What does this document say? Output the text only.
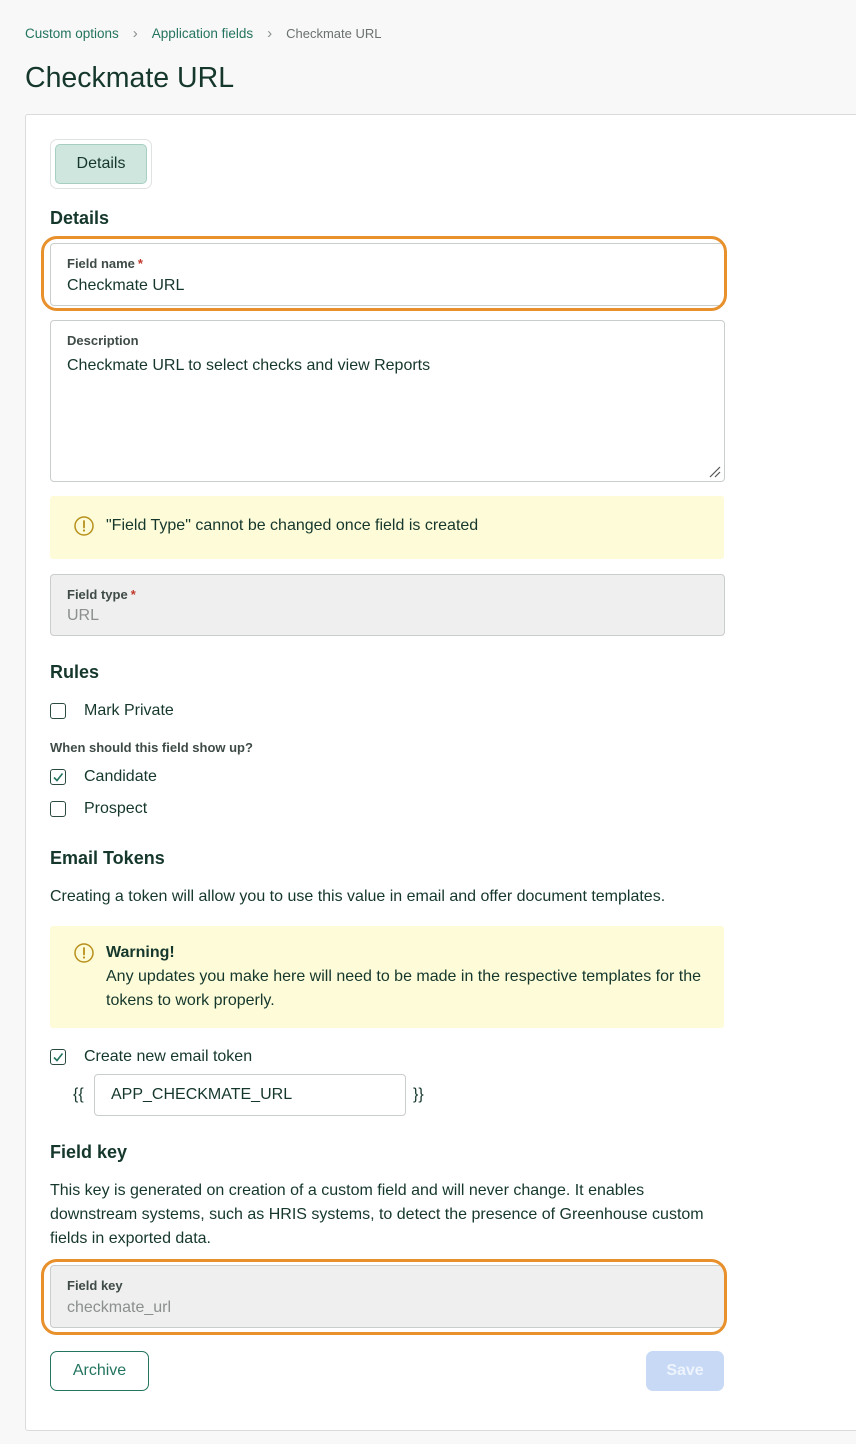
Custom options › Application fields › Checkmate URL
Checkmate URL
Details
Details
Field name *
Checkmate URL
Description
Checkmate URL to select checks and view Reports
"Field Type" cannot be changed once field is created
Field type *
URL
Rules
Mark Private
When should this field show up?
Candidate
Prospect
Email Tokens
Creating a token will allow you to use this value in email and offer document templates.
Warning!
Any updates you make here will need to be made in the respective templates for the tokens to work properly.
Create new email token
{{
APP_CHECKMATE_URL	}}
Field key
This key is generated on creation of a custom field and will never change. It enables downstream systems, such as HRIS systems, to detect the presence of Greenhouse custom fields in exported data.
Field key
checkmate_url
Archive	Save
